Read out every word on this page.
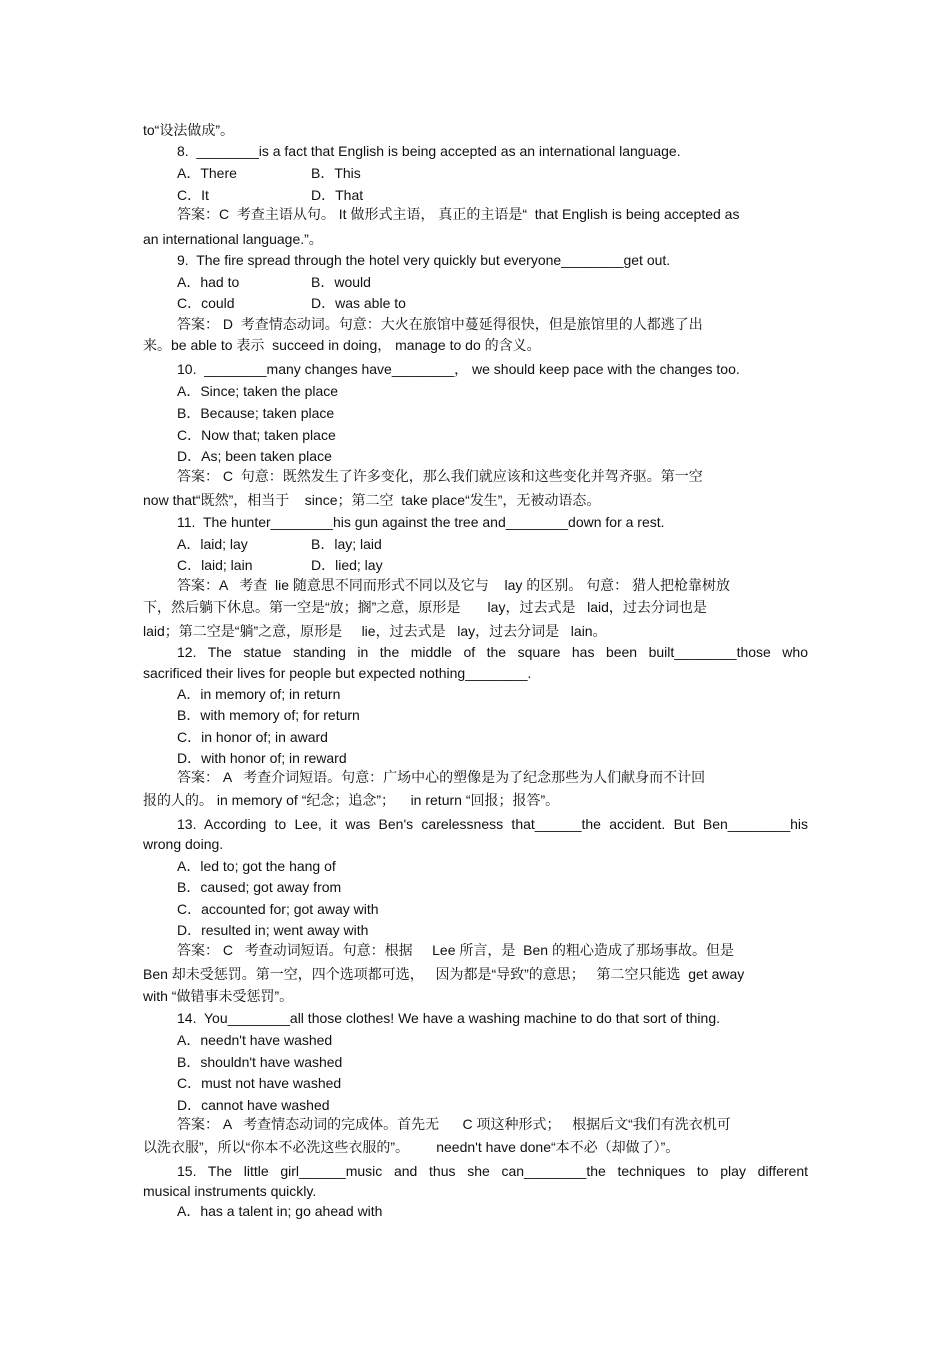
to“设法做成”。
8.  ________is a fact that English is being accepted as an international language.
A．There	B．This
C．It	D．That
答案：C  考查主语从句。 It 做形式主语， 真正的主语是“  that English is being accepted as
an international language.”。
9.  The fire spread through the hotel very quickly but everyone________get out.
A．had to	B．would
C．could	D．was able to
答案： D  考查情态动词。句意：大火在旅馆中蔓延得很快，但是旅馆里的人都逃了出
来。be able to 表示  succeed in doing， manage to do 的含义。
10.  ________many changes have________， we should keep pace with the changes too.
A．Since; taken the place
B．Because; taken place
C．Now that; taken place
D．As; been taken place
答案： C  句意：既然发生了许多变化，那么我们就应该和这些变化并驾齐驱。第一空
now that“既然”，相当于    since；第二空  take place“发生”，无被动语态。
11.  The hunter________his gun against the tree and________down for a rest.
A．laid; lay	B．lay; laid
C．laid; lain	D．lied; lay
答案：A   考查  lie 随意思不同而形式不同以及它与    lay 的区别。 句意： 猎人把枪靠树放
下，然后躺下休息。第一空是“放；搁”之意，原形是       lay，过去式是   laid，过去分词也是
laid；第二空是“躺”之意，原形是     lie，过去式是   lay，过去分词是   lain。
12. The statue standing in the middle of the square has been built________those who
sacrificed their lives for people but expected nothing________.
A．in memory of; in return
B．with memory of; for return
C．in honor of; in award
D．with honor of; in reward
答案： A   考查介词短语。句意：广场中心的塑像是为了纪念那些为人们献身而不计回
报的人的。 in memory of “纪念；追念”；    in return “回报；报答”。
13. According to Lee, it was Ben's carelessness that______the accident. But Ben________his
wrong doing.
A．led to; got the hang of
B．caused; got away from
C．accounted for; got away with
D．resulted in; went away with
答案： C   考查动词短语。句意：根据     Lee 所言，是  Ben 的粗心造成了那场事故。但是
Ben 却未受惩罚。第一空，四个选项都可选，   因为都是“导致”的意思；   第二空只能选  get away
with “做错事未受惩罚”。
14.  You________all those clothes! We have a washing machine to do that sort of thing.
A．needn't have washed
B．shouldn't have washed
C．must not have washed
D．cannot have washed
答案： A   考查情态动词的完成体。首先无      C 项这种形式；   根据后文“我们有洗衣机可
以洗衣服”，所以“你本不必洗这些衣服的”。       needn't have done“本不必（却做了）”。
15. The little girl______music and thus she can________the techniques to play different
musical instruments quickly.
A．has a talent in; go ahead with
